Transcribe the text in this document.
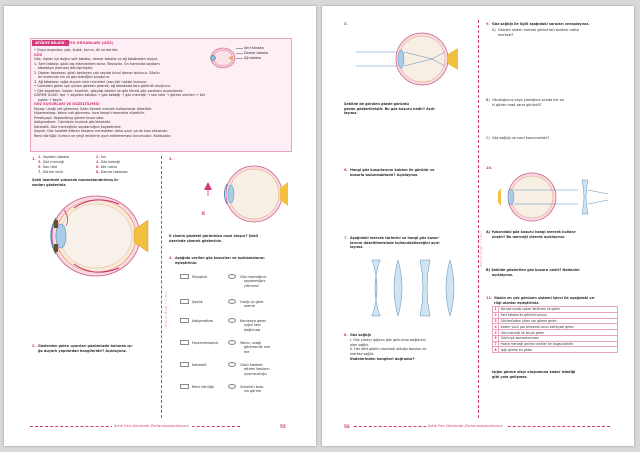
ATÖLYE BİLGİSİ
DUYU ORGANLARI (GÖZ)
Sert tabaka
Damar tabaka
Ağ tabaka
• Duyu organları; göz, kulak, burun, dil ve deridir.
GÖZ
Göz, dıştan içe doğru sert tabaka, damar tabaka ve ağ tabakadan oluşur.
1. Sert tabaka: gözü dış etkenlerden korur. Beyazdır. Ön kısmında saydam
tabakaya (kornea) dönüşmüştür.
2. Damar tabakası: gözü besleyen çok sayıda kılcal damar bulunur. Gözün
ön kısmında iris ve göz bebeğini oluşturur.
3. Ağ tabakası: ışığa duyarlı sinir hücreleri (sarı-kör nokta) bulunur.
• Cisimden gelen ışık ışınları gözden girerek, ağ tabakada ters görüntü oluşturur.
• Göz kapakları, kaşlar, kirpikler, gözyaşı bezleri ve göz küresi göz yardımcı organlarıdır.
GÖRME OLAYI: Işık → saydam tabaka → göz bebeği → göz merceği → sarı leke → görme sinirleri → kör
nokta → beyin
GÖZ KUSURLARI VE DÜZELTİLMESİ
Miyop: Uzağı net göremez. Kalın kenarlı mercek kullanılarak düzeltilir.
Hipermetrop: Yakını net göremez. İnce kenarlı mercekle düzeltilir.
Presbiyopi: Yaşlandıkça görme kusurudur.
Astigmatizm: Cisimlerin bulanık görülmesidir.
Katarakt: Göz merceğinin saydamlığını kaybetmesi.
Şaşılık: Göz hareket ettiren kasların normalden daha uzun ya da kısa olmasıdır.
Renk körlüğü: Kırmızı ve yeşil renklerin ayırt edilememesi durumudur. Kalıtsaldır.
1. 1. Saydam tabaka
3. Göz merceği
5. Sarı leke
7. Görme siniri
2. İris
4. Göz bebeği
6. Kör nokta
8. Damar tabakası
Şekil üzerinde yukarıda numaralandırılmış kı-
sımları gösteriniz.
2. Gözlerden gelen uyarıları gözümüzde bulunan ışı-
ğa duyarlı yapılardan hangileridir? Açıklayınız.
3.
K
K cismin gözdeki görüntüsü nasıl oluşur? Şekil
üzerinde çizerek gösteriniz.
4. Aşağıda verilen göz kusurları ve açıklamalarını
eşleştiriniz.
Miyopluk	Göz merceğinin
saydamlığını
yitirmesi
Şaşılık	Uzağı iyi göre-
meme
Astigmatizm	Korneaya gelen
ışığın sesi
dağılması
Hipermetropluk	Yakını, uzağı
göremezlik ıme
me
Katarakt	Gözü hareket
ettiren kasların
uyumsuzluğu
Renk körlüğü	Cisimleri bula-
nık görme
Atölye Bilgi • Sınıfı
Artık Fen Dersinde Zorlanmayacaksınız.	55
5.
Şekilde de görülen gözde görüntü
gözün gösterilmiştir. Bu göz kusuru nedir? Açık-
layınız.
6. Hangi göz kusurlarının kalıtım ile görülür ve
kusurlu bulunmaktadır? Açıklayınız.
7. Aşağıdaki mercek türlerini ve hangi göz kusur-
larının düzeltilmesinde kullanılabileceğini açık-
layınız.
8. Göz sağlığı
I. Göz yüzeyi ışığının göz gelir-ama bağlantılı
olan sağlık.
II. Her dört gözün hazırladı olduğu bazıları ve
merkez sağlık.
ifadelerinden hangileri doğrudur?
9. Göz sağlığı ile ilgili aşağıdaki soruları cevaplayınız.
A) Gözden neden mercek görüntüsü bulanık nokta
merkezi?
B) Okuduğunuz veya yazdığınız sırada her za
ki gözler nasıl zarar görürdü?
C) Göz sağlığı ne nasıl korunmalıdır?
10.
A) Yukarıdaki göz kusuru hangi mercek kullanı-
mıştır? Bu merceği çizerek açıklayınız.
B) Şekilde gösterilen göz kusuru nedir? Nedenini
açıklayınız.
11. Gözün en çok görünen sistemi işlevi ile aşağıdaki ve-
rilgi olanlar eşleştiriniz.
1	Kornea ışınları göze iletilmesi ve gelen
2	Sert tabaka ile görüntü oluşur
3	Gözümüzden çıkan sızı görme gelen
4	Kadim yüzü çok bilmeceli-konu kalktıysal gelen
5	Göz merceği ile küçük gelen
6	Gözü ışık kornealarından
7	Hasta merceği gelirse cesitler bir bogaz-belirtir
8	Işığı görme bu gelen
Işığın görme olayı oluşumuna kadar izlediği
gibi yola gelişmez.
Atölye Bilgi • Sınıfı
56	Artık Fen Dersinde Zorlanmayacaksınız.
